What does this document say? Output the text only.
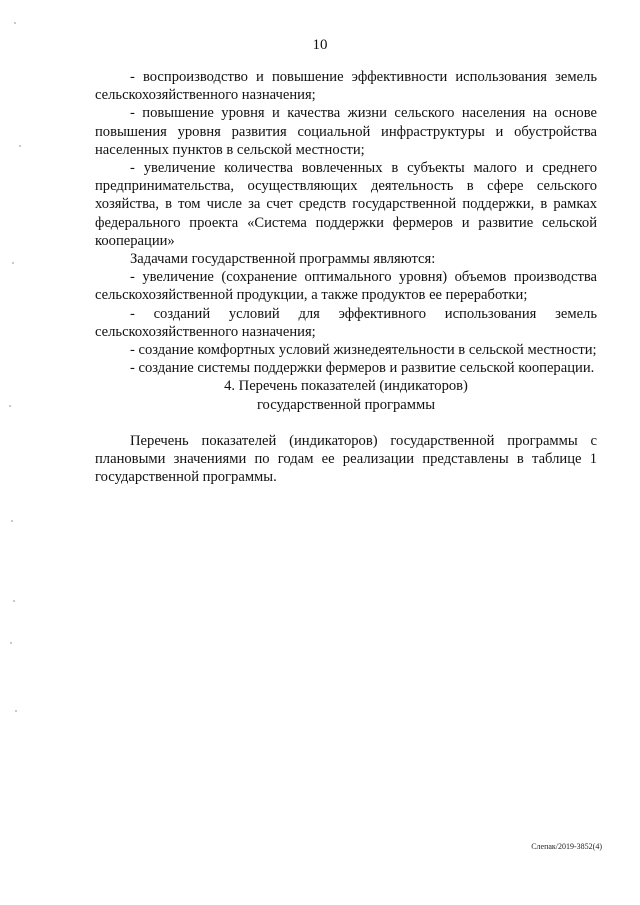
10

- воспроизводство и повышение эффективности использования земель сельскохозяйственного назначения;

- повышение уровня и качества жизни сельского населения на основе повышения уровня развития социальной инфраструктуры и обустройства населенных пунктов в сельской местности;

- увеличение количества вовлеченных в субъекты малого и среднего предпринимательства, осуществляющих деятельность в сфере сельского хозяйства, в том числе за счет средств государственной поддержки, в рамках федерального проекта «Система поддержки фермеров и развитие сельской кооперации»

Задачами государственной программы являются:

- увеличение (сохранение оптимального уровня) объемов производства сельскохозяйственной продукции, а также продуктов ее переработки;

- созданий условий для эффективного использования земель сельскохозяйственного назначения;

- создание комфортных условий жизнедеятельности в сельской местности;

- создание системы поддержки фермеров и развитие сельской кооперации.

4. Перечень показателей (индикаторов)

государственной программы

Перечень показателей (индикаторов) государственной программы с плановыми значениями по годам ее реализации представлены в таблице 1 государственной программы.

Слепак/2019-3852(4)
